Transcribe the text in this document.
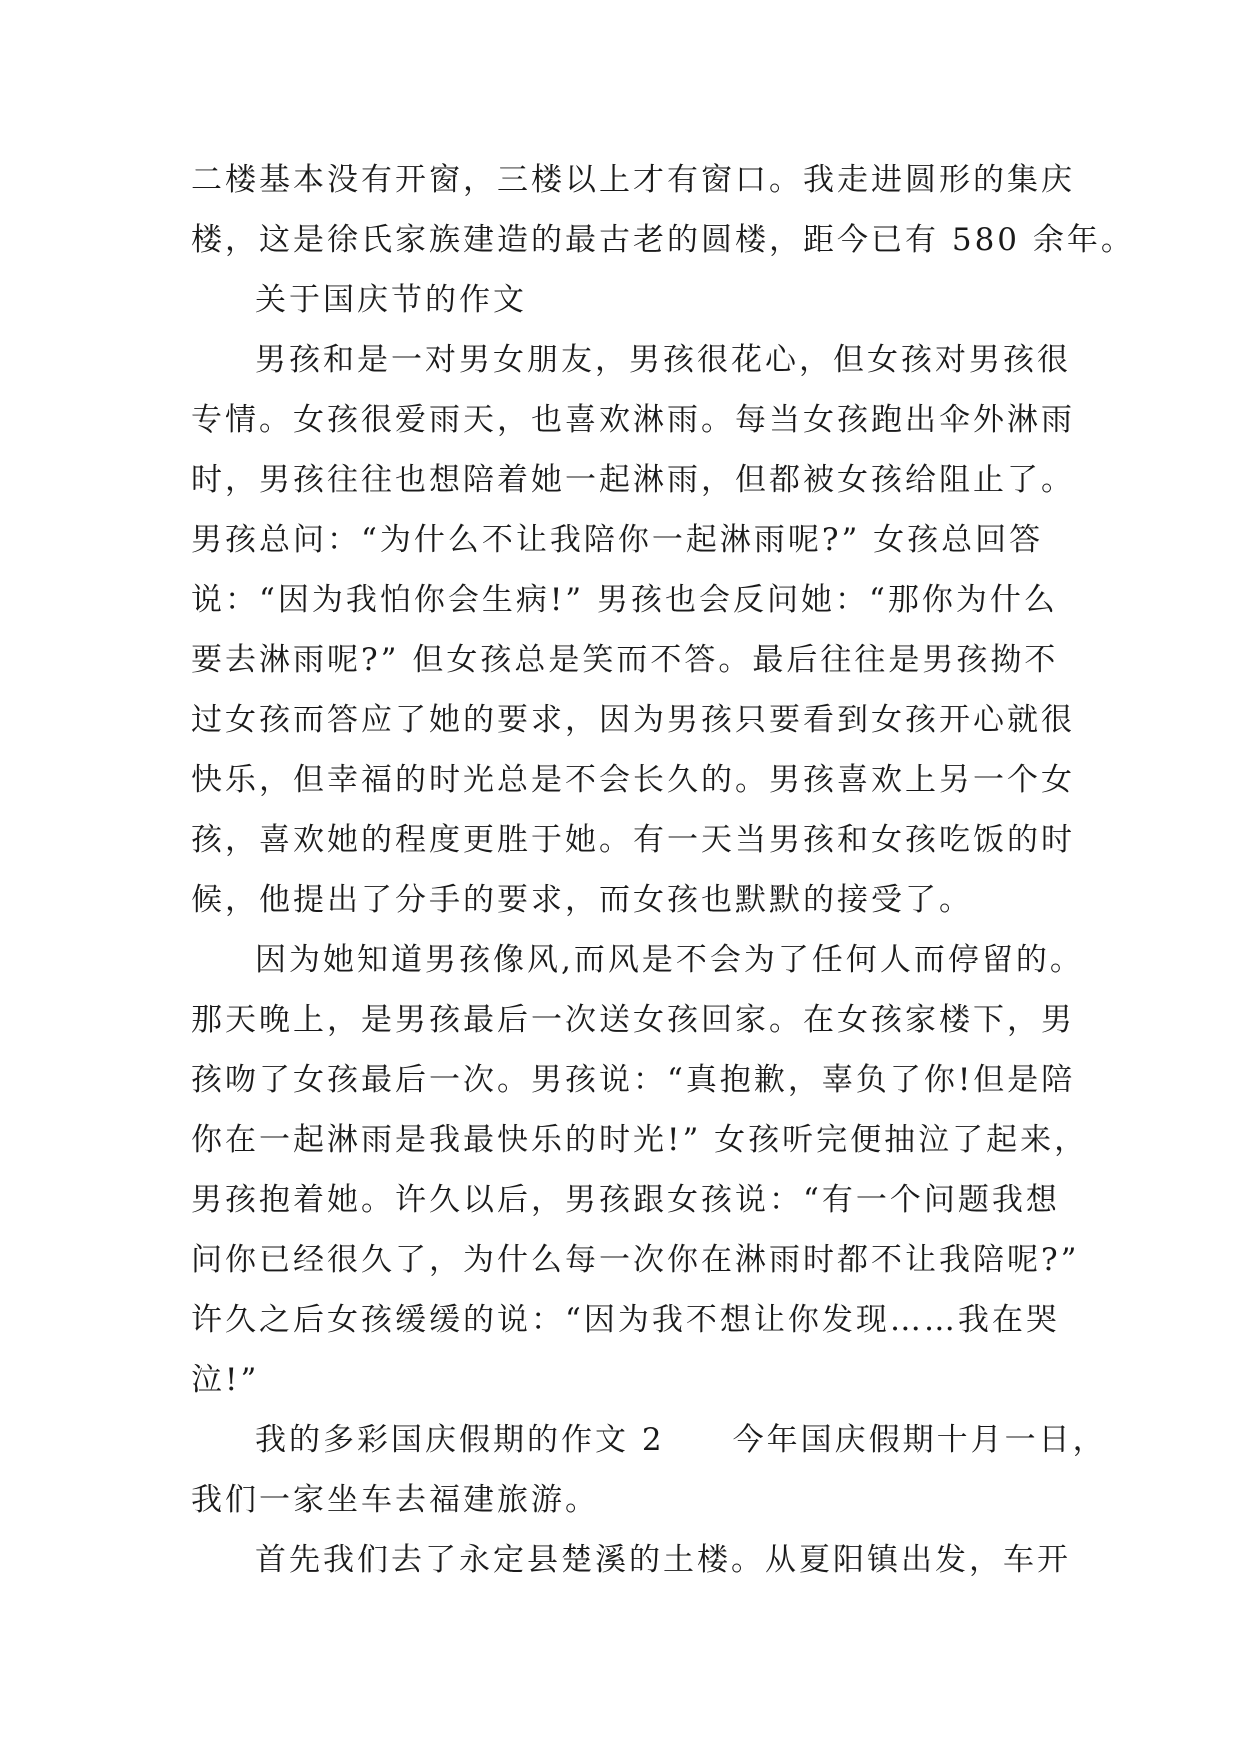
二楼基本没有开窗，三楼以上才有窗口。我走进圆形的集庆
楼，这是徐氏家族建造的最古老的圆楼，距今已有 580 余年。
关于国庆节的作文
男孩和是一对男女朋友，男孩很花心，但女孩对男孩很
专情。女孩很爱雨天，也喜欢淋雨。每当女孩跑出伞外淋雨
时，男孩往往也想陪着她一起淋雨，但都被女孩给阻止了。
男孩总问：“为什么不让我陪你一起淋雨呢?” 女孩总回答
说：“因为我怕你会生病!” 男孩也会反问她：“那你为什么
要去淋雨呢?” 但女孩总是笑而不答。最后往往是男孩拗不
过女孩而答应了她的要求，因为男孩只要看到女孩开心就很
快乐，但幸福的时光总是不会长久的。男孩喜欢上另一个女
孩，喜欢她的程度更胜于她。有一天当男孩和女孩吃饭的时
候，他提出了分手的要求，而女孩也默默的接受了。
因为她知道男孩像风,而风是不会为了任何人而停留的。
那天晚上，是男孩最后一次送女孩回家。在女孩家楼下，男
孩吻了女孩最后一次。男孩说：“真抱歉，辜负了你!但是陪
你在一起淋雨是我最快乐的时光!” 女孩听完便抽泣了起来，
男孩抱着她。许久以后，男孩跟女孩说：“有一个问题我想
问你已经很久了，为什么每一次你在淋雨时都不让我陪呢?”
许久之后女孩缓缓的说：“因为我不想让你发现……我在哭
泣!”
我的多彩国庆假期的作文 2　　今年国庆假期十月一日，
我们一家坐车去福建旅游。
首先我们去了永定县楚溪的土楼。从夏阳镇出发，车开
